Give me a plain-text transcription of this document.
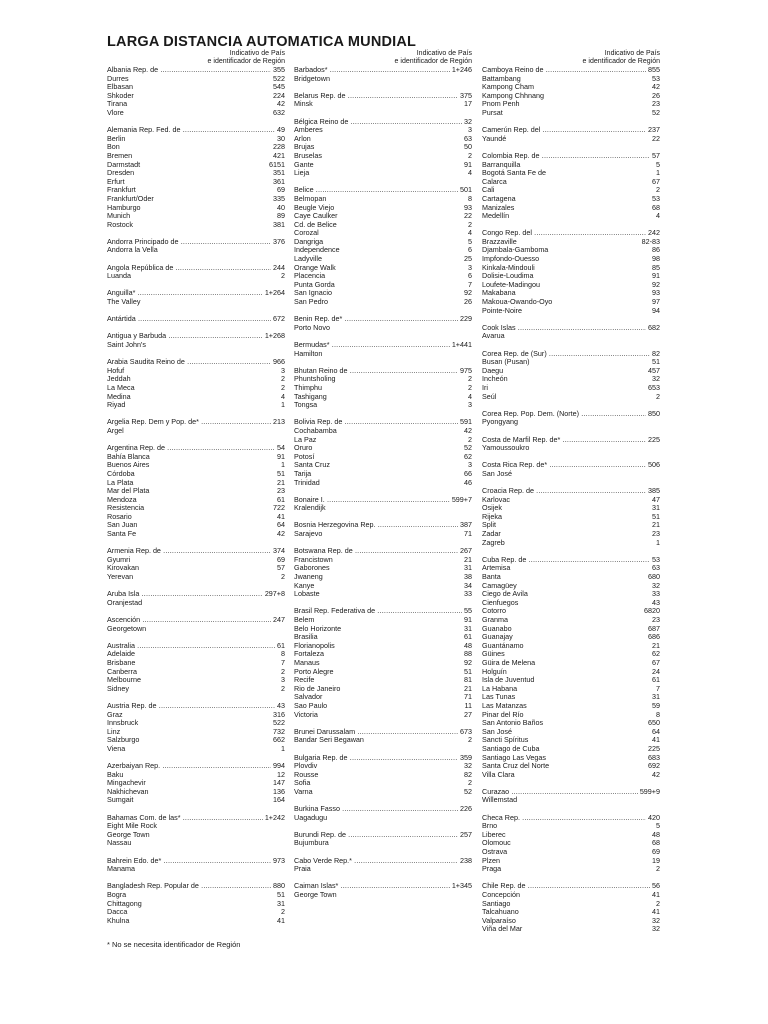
LARGA DISTANCIA AUTOMATICA MUNDIAL
Indicativo de País
e identificador de Región
Albania Rep. de .....	355
Durres	522
Elbasan	545
Shkoder	224
Tirana	42
Vlore	632
Alemania Rep. Fed. de .....	49
Berlin	30
Bon	228
Bremen	421
Darmstadt	6151
Dresden	351
Erfurt	361
Frankfurt	69
Frankfurt/Oder	335
Hamburgo	40
Munich	89
Rostock	381
Andorra Principado de .....	376
Andorra la Vella
Angola República de .....	244
Luanda	2
Anguilla* .....	1+264
The Valley
Antártida .....	672
Antigua y Barbuda .....	1+268
Saint John's
Arabia Saudita Reino de .....	966
Hofuf	3
Jeddah	2
La Meca	2
Medina	4
Riyad	1
Argelia Rep. Dem y Pop. de* .....	213
Argel
Argentina Rep. de .....	54
Bahía Blanca	91
Buenos Aires	1
Córdoba	51
La Plata	21
Mar del Plata	23
Mendoza	61
Resistencia	722
Rosario	41
San Juan	64
Santa Fe	42
Armenia Rep. de .....	374
Gyumri	69
Kirovakan	57
Yerevan	2
Aruba Isla .....	297+8
Oranjestad
Ascención .....	247
Georgetown
Australia .....	61
Adelaide	8
Brisbane	7
Canberra	2
Melbourne	3
Sidney	2
Austria Rep. de .....	43
Graz	316
Innsbruck	522
Linz	732
Salzburgo	662
Viena	1
Azerbaiyan Rep. .....	994
Baku	12
Mingachevir	147
Nakhichevan	136
Sumgait	164
Bahamas Com. de las* .....	1+242
Eight Mile Rock
George Town
Nassau
Bahrein Edo. de* .....	973
Manama
Bangladesh Rep. Popular de .....	880
Bogra	51
Chittagong	31
Dacca	2
Khulna	41
Indicativo de País
e identificador de Región
Barbados* .....	1+246
Bridgetown
Belarus Rep. de .....	375
Minsk	17
Bélgica Reino de .....	32
Amberes	3
Arlon	63
Brujas	50
Bruselas	2
Gante	91
Lieja	4
Belice .....	501
Belmopan	8
Beugle Viejo	93
Caye Caulker	22
Cd. de Belice	2
Corozal	4
Dangriga	5
Independence	6
Ladyville	25
Orange Walk	3
Placencia	6
Punta Gorda	7
San Ignacio	92
San Pedro	26
Benin Rep. de* .....	229
Porto Novo
Bermudas* .....	1+441
Hamilton
Bhutan Reino de .....	975
Phuntsholing	2
Thimphu	2
Tashigang	4
Tongsa	3
Bolivia Rep. de .....	591
Cochabamba	42
La Paz	2
Oruro	52
Potosí	62
Santa Cruz	3
Tarija	66
Trinidad	46
Bonaire I. .....	599+7
Kralendijk
Bosnia Herzegovina Rep. .....	387
Sarajevo	71
Botswana Rep. de .....	267
Francistown	21
Gaborones	31
Jwaneng	38
Kanye	34
Lobaste	33
Brasil Rep. Federativa de .....	55
Belem	91
Belo Horizonte	31
Brasilia	61
Florianopolis	48
Fortaleza	88
Manaus	92
Porto Alegre	51
Recife	81
Rio de Janeiro	21
Salvador	71
Sao Paulo	11
Victoria	27
Brunei Darussalam .....	673
Bandar Seri Begawan	2
Bulgaria Rep. de .....	359
Plovdiv	32
Rousse	82
Sofia	2
Varna	52
Burkina Fasso .....	226
Uagadugu
Burundi Rep. de .....	257
Bujumbura
Cabo Verde Rep.* .....	238
Praia
Caiman Islas* .....	1+345
George Town
Indicativo de País
e identificador de Región
Camboya Reino de .....	855
Battambang	53
Kampong Cham	42
Kampong Chhnang	26
Pnom Penh	23
Pursat	52
Camerún Rep. del .....	237
Yaundé	22
Colombia Rep. de .....	57
Barranquilla	5
Bogotá Santa Fe de	1
Calarca	67
Cali	2
Cartagena	53
Manizales	68
Medellín	4
Congo Rep. del .....	242
Brazzaville	82-83
Djambala-Gamboma	86
Impfondo-Ouesso	98
Kinkala-Mindouli	85
Dolisie-Loudima	91
Loufete-Madingou	92
Makabana	93
Makoua-Owando-Oyo	97
Pointe-Noire	94
Cook Islas .....	682
Avarua
Corea Rep. de (Sur) .....	82
Busan (Pusan)	51
Daegu	457
Incheón	32
Iri	653
Seúl	2
Corea Rep. Pop. Dem. (Norte) .....	850
Pyongyang
Costa de Marfil Rep. de* .....	225
Yamoussoukro
Costa Rica Rep. de* .....	506
San José
Croacia Rep. de .....	385
Karlovac	47
Osijek	31
Rijeka	51
Split	21
Zadar	23
Zagreb	1
Cuba Rep. de .....	53
Artemisa	63
Banta	680
Camagüey	32
Ciego de Avila	33
Cienfuegos	43
Cotorro	6820
Granma	23
Guanabo	687
Guanajay	686
Guantánamo	21
Güines	62
Güira de Melena	67
Holguín	24
Isla de Juventud	61
La Habana	7
Las Tunas	31
Las Matanzas	59
Pinar del Río	8
San Antonio Baños	650
San José	64
Sancti Spíritus	41
Santiago de Cuba	225
Santiago Las Vegas	683
Santa Cruz del Norte	692
Villa Clara	42
Curazao .....	599+9
Willemstad
Checa Rep. .....	420
Brno	5
Liberec	48
Olomouc	68
Ostrava	69
Plzen	19
Praga	2
Chile Rep. de .....	56
Concepción	41
Santiago	2
Talcahuano	41
Valparaíso	32
Viña del Mar	32
* No se necesita identificador de Región
